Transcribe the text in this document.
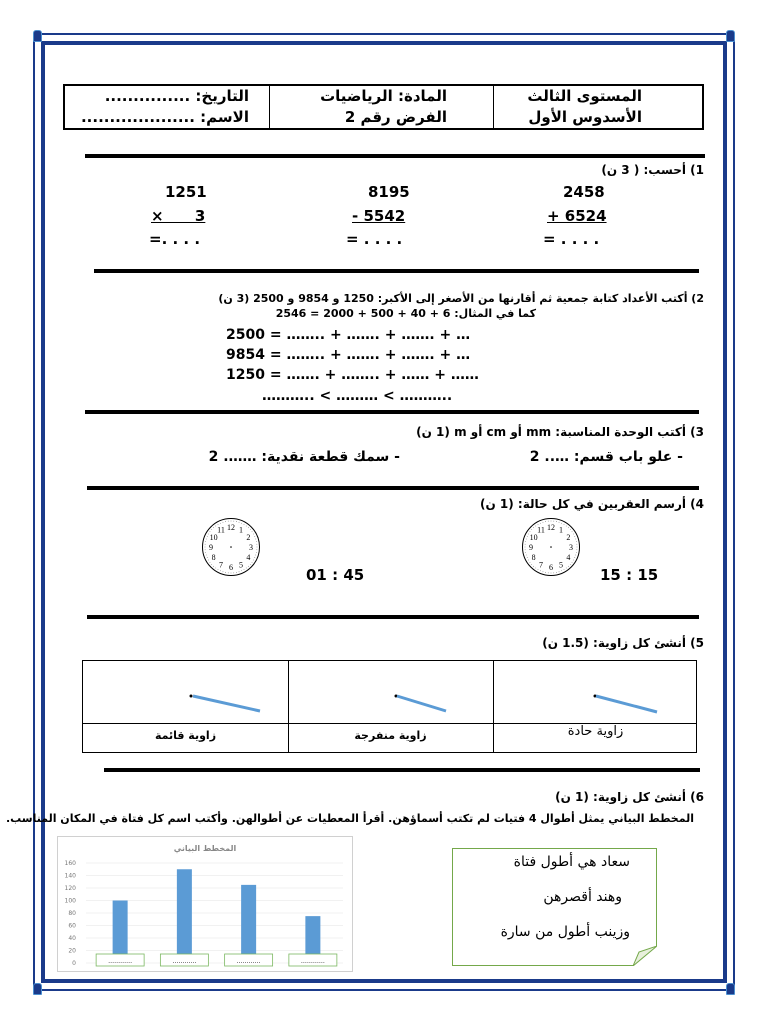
المستوى الثالث
الأسدوس الأول
المادة: الرياضيات
الفرض رقم 2
التاريخ: ...............
الاسم: ....................
1) أحسب: ( 3 ن)
2458
+ 6524
= . . . .
8195
- 5542
= . . . .
1251
×      3
=. . . .
2) أكتب الأعداد كتابة جمعية ثم أقارنها من الأصغر إلى الأكبر: 1250 و 9854 و 2500 (3 ن)
كما في المثال: 6 + 40 + 500 + 2000 = 2546
2500 = …….. + ……. + ……. + …
9854 = …….. + ……. + ……. + …
1250 = ……. + …….. + …… + ……
……….. < ……… < ………..
3) أكتب الوحدة المناسبة: mm أو cm أو m (1 ن)
- علو باب قسم: ….. 2
- سمك قطعة نقدية: ……. 2
4) أرسم العقربين في كل حالة: (1 ن)
12 1
2
3
4
5
6
7
8
9
10
11
12 1
2
3
4
5
6
7
8
9
10
11
15 : 15
01 : 45
5) أنشئ كل زاوية: (1.5 ن)
زاوية حادة
زاوية منفرجة
زاوية قائمة
6) أنشئ كل زاوية: (1 ن)
المخطط البياني يمثل أطوال 4 فتيات لم تكتب أسماؤهن. أقرأ المعطيات عن أطوالهن. وأكتب اسم كل فتاة في المكان المناسب.
المخطط البياني
160
140
120
100
80
60
40
20
0	…………	…………	…………	…………
سعاد هي أطول فتاة
وهند أقصرهن
وزينب أطول من سارة
